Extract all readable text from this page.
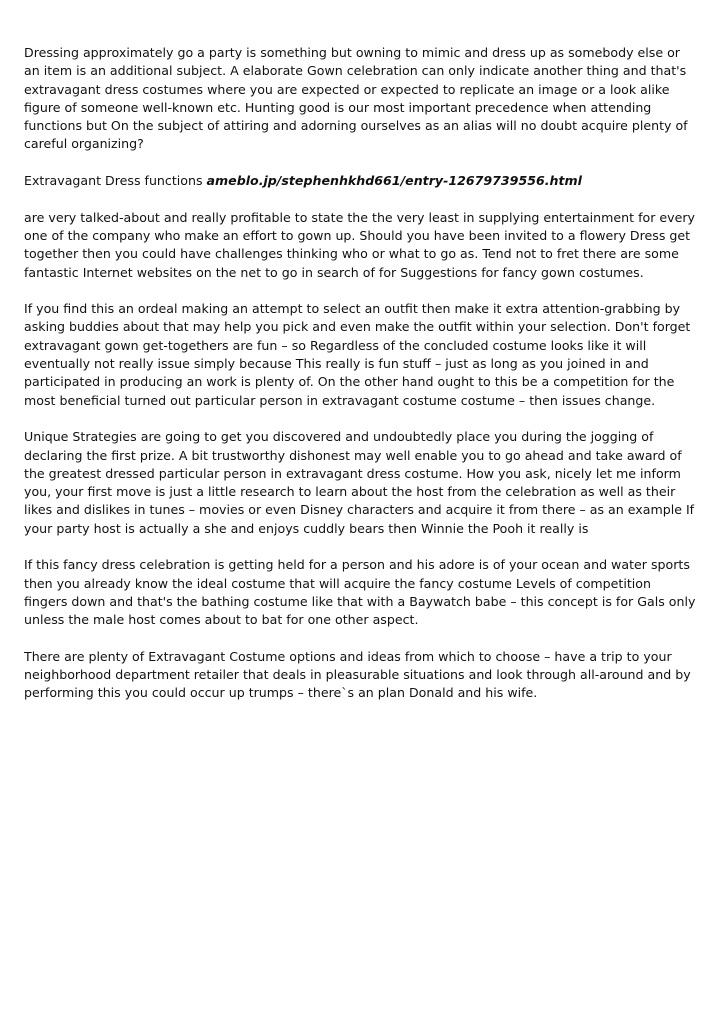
Dressing approximately go a party is something but owning to mimic and dress up as somebody else or an item is an additional subject. A elaborate Gown celebration can only indicate another thing and that's extravagant dress costumes where you are expected or expected to replicate an image or a look alike figure of someone well-known etc. Hunting good is our most important precedence when attending functions but On the subject of attiring and adorning ourselves as an alias will no doubt acquire plenty of careful organizing?

Extravagant Dress functions ameblo.jp/stephenhkhd661/entry-12679739556.html

are very talked-about and really profitable to state the the very least in supplying entertainment for every one of the company who make an effort to gown up. Should you have been invited to a flowery Dress get together then you could have challenges thinking who or what to go as. Tend not to fret there are some fantastic Internet websites on the net to go in search of for Suggestions for fancy gown costumes.

If you find this an ordeal making an attempt to select an outfit then make it extra attention-grabbing by asking buddies about that may help you pick and even make the outfit within your selection. Don't forget extravagant gown get-togethers are fun – so Regardless of the concluded costume looks like it will eventually not really issue simply because This really is fun stuff – just as long as you joined in and participated in producing an work is plenty of. On the other hand ought to this be a competition for the most beneficial turned out particular person in extravagant costume costume – then issues change.

Unique Strategies are going to get you discovered and undoubtedly place you during the jogging of declaring the first prize. A bit trustworthy dishonest may well enable you to go ahead and take award of the greatest dressed particular person in extravagant dress costume. How you ask, nicely let me inform you, your first move is just a little research to learn about the host from the celebration as well as their likes and dislikes in tunes – movies or even Disney characters and acquire it from there – as an example If your party host is actually a she and enjoys cuddly bears then Winnie the Pooh it really is

If this fancy dress celebration is getting held for a person and his adore is of your ocean and water sports then you already know the ideal costume that will acquire the fancy costume Levels of competition fingers down and that's the bathing costume like that with a Baywatch babe – this concept is for Gals only unless the male host comes about to bat for one other aspect.

There are plenty of Extravagant Costume options and ideas from which to choose – have a trip to your neighborhood department retailer that deals in pleasurable situations and look through all-around and by performing this you could occur up trumps – there`s an plan Donald and his wife.
